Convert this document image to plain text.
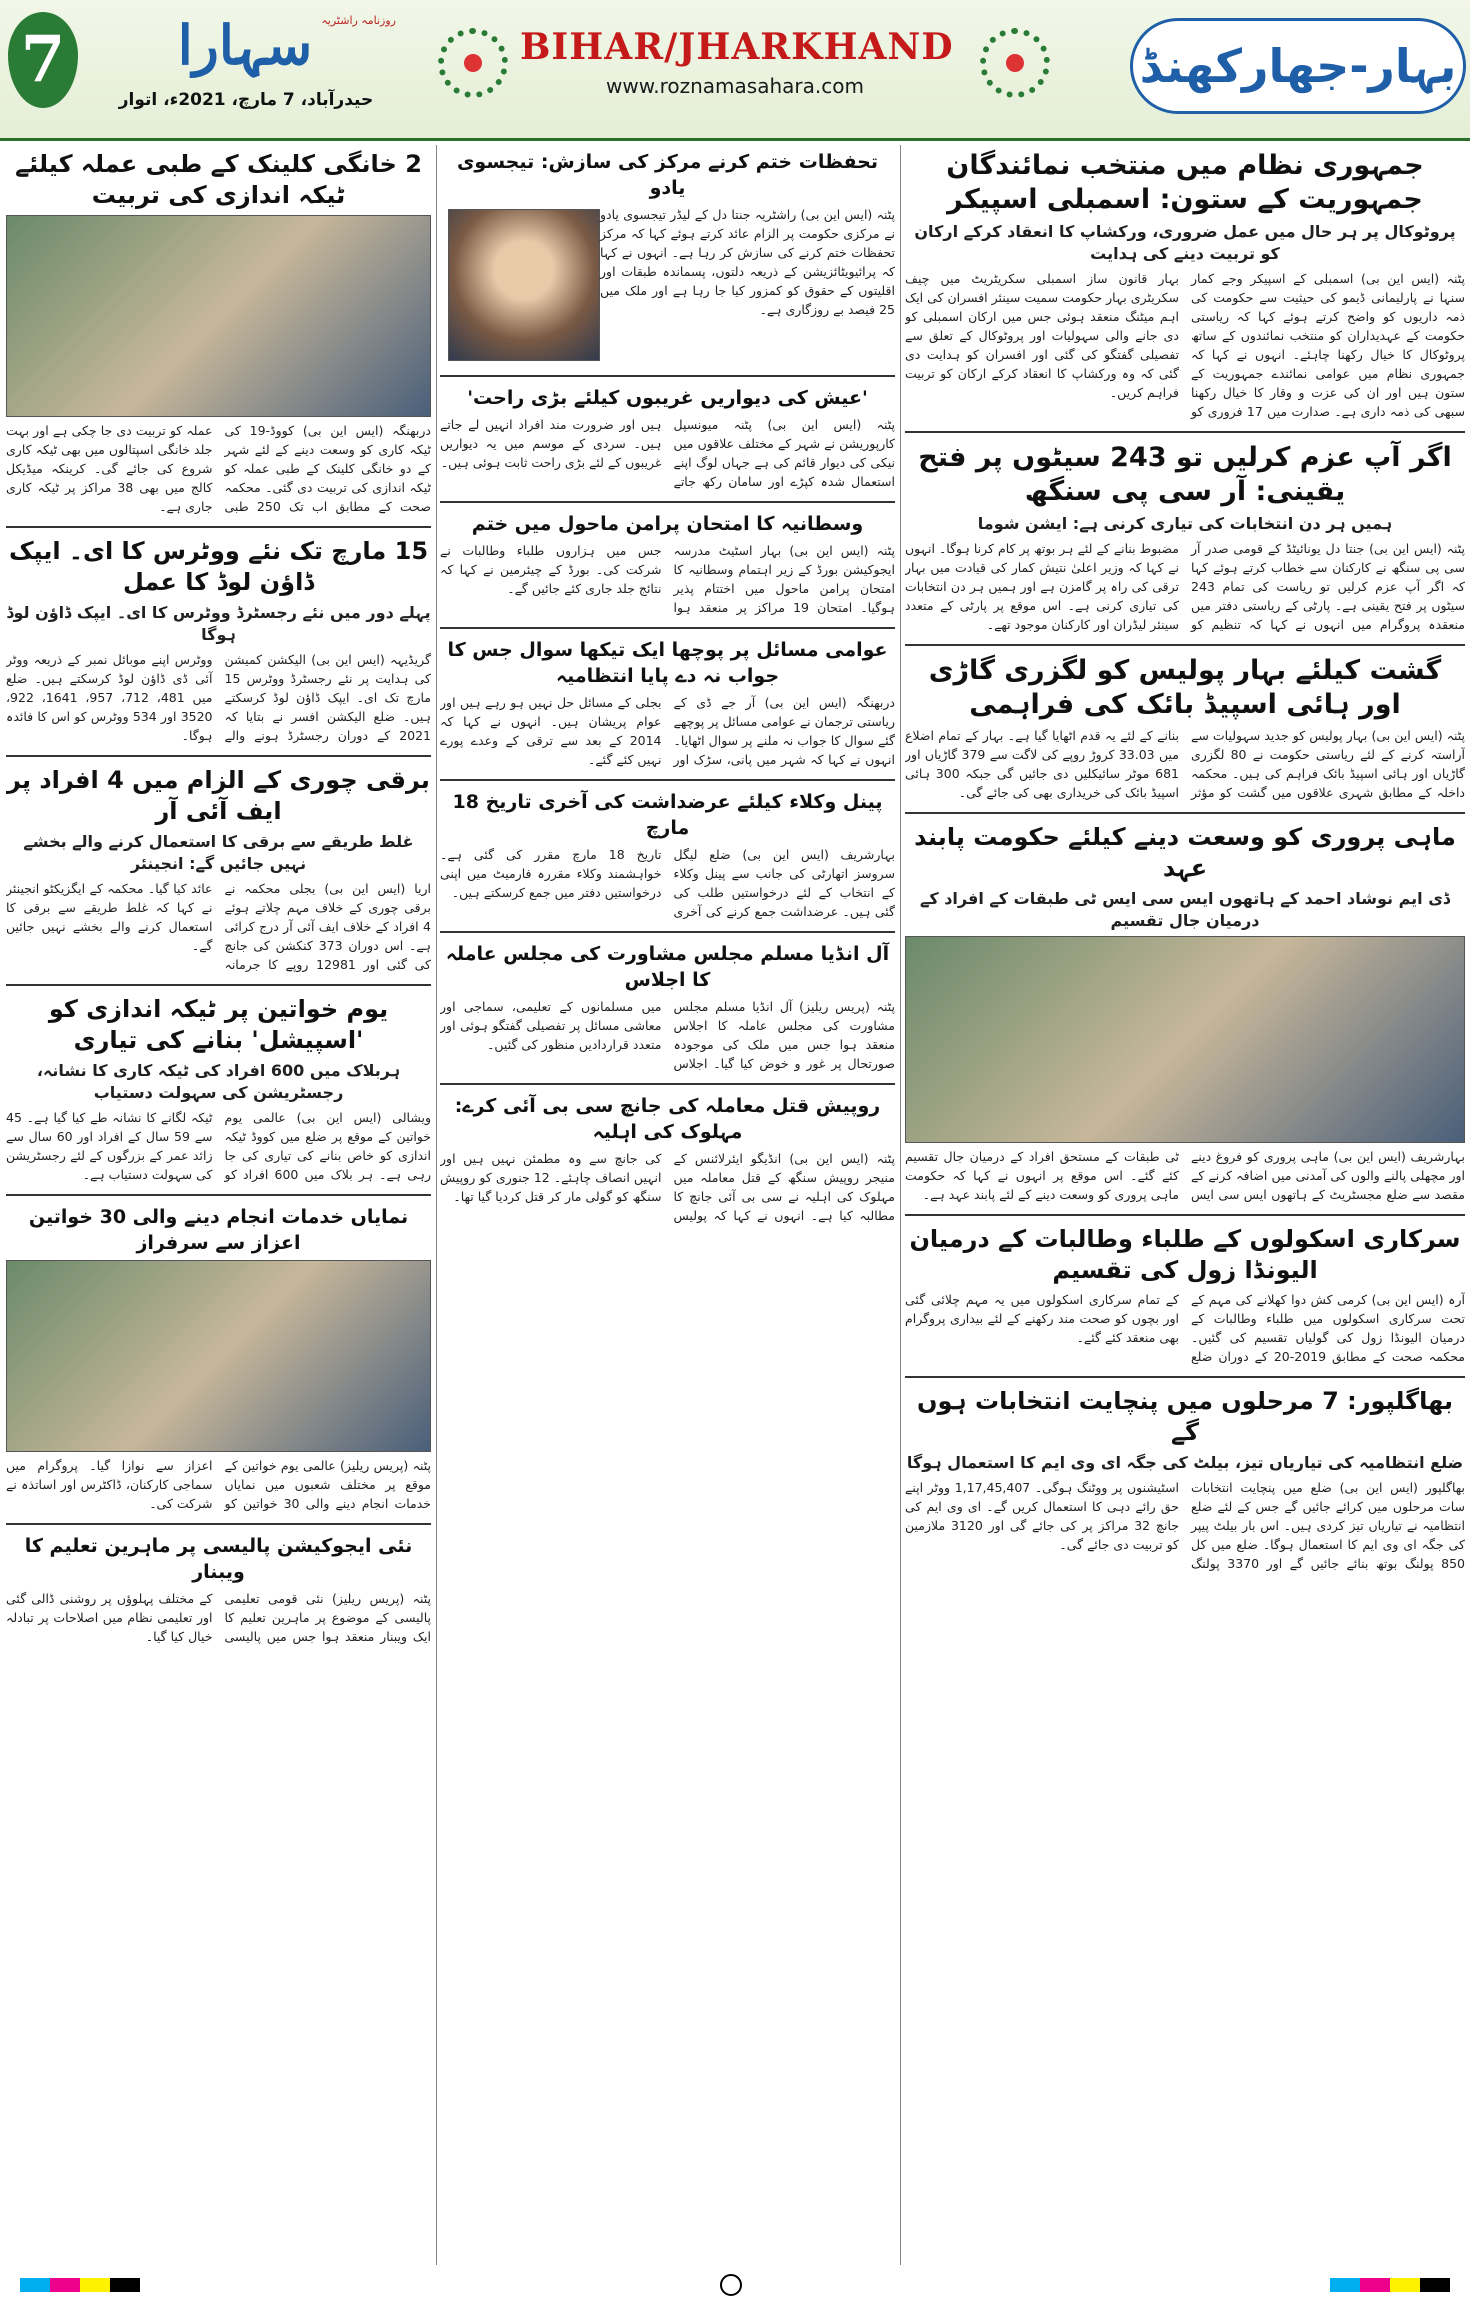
7	سہارا روزنامہ راشٹریہ
حیدرآباد، 7 مارچ، 2021ء، اتوار
BIHAR/JHARKHAND
www.roznamasahara.com	بہار-جھارکھنڈ
جمہوری نظام میں منتخب نمائندگان جمہوریت کے ستون: اسمبلی اسپیکر
پروٹوکال پر ہر حال میں عمل ضروری، ورکشاپ کا انعقاد کرکے ارکان کو تربیت دینے کی ہدایت
پٹنہ (ایس این بی) اسمبلی کے اسپیکر وجے کمار سنہا نے پارلیمانی ڈیمو کی حیثیت سے حکومت کی ذمہ داریوں کو واضح کرتے ہوئے کہا کہ ریاستی حکومت کے عہدیداران کو منتخب نمائندوں کے ساتھ پروٹوکال کا خیال رکھنا چاہئے۔ انہوں نے کہا کہ جمہوری نظام میں عوامی نمائندے جمہوریت کے ستون ہیں اور ان کی عزت و وقار کا خیال رکھنا سبھی کی ذمہ داری ہے۔ صدارت میں 17 فروری کو بہار قانون ساز اسمبلی سکریٹریٹ میں چیف سکریٹری بہار حکومت سمیت سینئر افسران کی ایک اہم میٹنگ منعقد ہوئی جس میں ارکان اسمبلی کو دی جانے والی سہولیات اور پروٹوکال کے تعلق سے تفصیلی گفتگو کی گئی اور افسران کو ہدایت دی گئی کہ وہ ورکشاپ کا انعقاد کرکے ارکان کو تربیت فراہم کریں۔
اگر آپ عزم کرلیں تو 243 سیٹوں پر فتح یقینی: آر سی پی سنگھ
ہمیں ہر دن انتخابات کی تیاری کرنی ہے: ایشن شوما
پٹنہ (ایس این بی) جنتا دل یونائیٹڈ کے قومی صدر آر سی پی سنگھ نے کارکنان سے خطاب کرتے ہوئے کہا کہ اگر آپ عزم کرلیں تو ریاست کی تمام 243 سیٹوں پر فتح یقینی ہے۔ پارٹی کے ریاستی دفتر میں منعقدہ پروگرام میں انہوں نے کہا کہ تنظیم کو مضبوط بنانے کے لئے ہر بوتھ پر کام کرنا ہوگا۔ انہوں نے کہا کہ وزیر اعلیٰ نتیش کمار کی قیادت میں بہار ترقی کی راہ پر گامزن ہے اور ہمیں ہر دن انتخابات کی تیاری کرنی ہے۔ اس موقع پر پارٹی کے متعدد سینئر لیڈران اور کارکنان موجود تھے۔
گشت کیلئے بہار پولیس کو لگزری گاڑی اور ہائی اسپیڈ بائک کی فراہمی
پٹنہ (ایس این بی) بہار پولیس کو جدید سہولیات سے آراستہ کرنے کے لئے ریاستی حکومت نے 80 لگزری گاڑیاں اور ہائی اسپیڈ بائک فراہم کی ہیں۔ محکمہ داخلہ کے مطابق شہری علاقوں میں گشت کو مؤثر بنانے کے لئے یہ قدم اٹھایا گیا ہے۔ بہار کے تمام اضلاع میں 33.03 کروڑ روپے کی لاگت سے 379 گاڑیاں اور 681 موٹر سائیکلیں دی جائیں گی جبکہ 300 ہائی اسپیڈ بائک کی خریداری بھی کی جائے گی۔
ماہی پروری کو وسعت دینے کیلئے حکومت پابند عہد
ڈی ایم نوشاد احمد کے ہاتھوں ایس سی ایس ٹی طبقات کے افراد کے درمیان جال تقسیم
بہارشریف (ایس این بی) ماہی پروری کو فروغ دینے اور مچھلی پالنے والوں کی آمدنی میں اضافہ کرنے کے مقصد سے ضلع مجسٹریٹ کے ہاتھوں ایس سی ایس ٹی طبقات کے مستحق افراد کے درمیان جال تقسیم کئے گئے۔ اس موقع پر انہوں نے کہا کہ حکومت ماہی پروری کو وسعت دینے کے لئے پابند عہد ہے۔
سرکاری اسکولوں کے طلباء وطالبات کے درمیان الیونڈا زول کی تقسیم
آرہ (ایس این بی) کرمی کش دوا کھلانے کی مہم کے تحت سرکاری اسکولوں میں طلباء وطالبات کے درمیان الیونڈا زول کی گولیاں تقسیم کی گئیں۔ محکمہ صحت کے مطابق 2019-20 کے دوران ضلع کے تمام سرکاری اسکولوں میں یہ مہم چلائی گئی اور بچوں کو صحت مند رکھنے کے لئے بیداری پروگرام بھی منعقد کئے گئے۔
بھاگلپور: 7 مرحلوں میں پنچایت انتخابات ہوں گے
ضلع انتظامیہ کی تیاریاں تیز، بیلٹ کی جگہ ای وی ایم کا استعمال ہوگا
بھاگلپور (ایس این بی) ضلع میں پنچایت انتخابات سات مرحلوں میں کرائے جائیں گے جس کے لئے ضلع انتظامیہ نے تیاریاں تیز کردی ہیں۔ اس بار بیلٹ پیپر کی جگہ ای وی ایم کا استعمال ہوگا۔ ضلع میں کل 850 پولنگ بوتھ بنائے جائیں گے اور 3370 پولنگ اسٹیشنوں پر ووٹنگ ہوگی۔ 1,17,45,407 ووٹر اپنے حق رائے دہی کا استعمال کریں گے۔ ای وی ایم کی جانچ 32 مراکز پر کی جائے گی اور 3120 ملازمین کو تربیت دی جائے گی۔
تحفظات ختم کرنے مرکز کی سازش: تیجسوی یادو
پٹنہ (ایس این بی) راشٹریہ جنتا دل کے لیڈر تیجسوی یادو نے مرکزی حکومت پر الزام عائد کرتے ہوئے کہا کہ مرکز تحفظات ختم کرنے کی سازش کر رہا ہے۔ انہوں نے کہا کہ پرائیویٹائزیشن کے ذریعہ دلتوں، پسماندہ طبقات اور اقلیتوں کے حقوق کو کمزور کیا جا رہا ہے اور ملک میں 25 فیصد بے روزگاری ہے۔
'عیش کی دیواریں غریبوں کیلئے بڑی راحت'
پٹنہ (ایس این بی) پٹنہ میونسپل کارپوریشن نے شہر کے مختلف علاقوں میں نیکی کی دیوار قائم کی ہے جہاں لوگ اپنے استعمال شدہ کپڑے اور سامان رکھ جاتے ہیں اور ضرورت مند افراد انہیں لے جاتے ہیں۔ سردی کے موسم میں یہ دیواریں غریبوں کے لئے بڑی راحت ثابت ہوئی ہیں۔
وسطانیہ کا امتحان پرامن ماحول میں ختم
پٹنہ (ایس این بی) بہار اسٹیٹ مدرسہ ایجوکیشن بورڈ کے زیر اہتمام وسطانیہ کا امتحان پرامن ماحول میں اختتام پذیر ہوگیا۔ امتحان 19 مراکز پر منعقد ہوا جس میں ہزاروں طلباء وطالبات نے شرکت کی۔ بورڈ کے چیئرمین نے کہا کہ نتائج جلد جاری کئے جائیں گے۔
عوامی مسائل پر پوچھا ایک تیکھا سوال جس کا جواب نہ دے پایا انتظامیہ
دربھنگہ (ایس این بی) آر جے ڈی کے ریاستی ترجمان نے عوامی مسائل پر پوچھے گئے سوال کا جواب نہ ملنے پر سوال اٹھایا۔ انہوں نے کہا کہ شہر میں پانی، سڑک اور بجلی کے مسائل حل نہیں ہو رہے ہیں اور عوام پریشان ہیں۔ انہوں نے کہا کہ 2014 کے بعد سے ترقی کے وعدے پورے نہیں کئے گئے۔
پینل وکلاء کیلئے عرضداشت کی آخری تاریخ 18 مارچ
بہارشریف (ایس این بی) ضلع لیگل سروسز اتھارٹی کی جانب سے پینل وکلاء کے انتخاب کے لئے درخواستیں طلب کی گئی ہیں۔ عرضداشت جمع کرنے کی آخری تاریخ 18 مارچ مقرر کی گئی ہے۔ خواہشمند وکلاء مقررہ فارمیٹ میں اپنی درخواستیں دفتر میں جمع کرسکتے ہیں۔
آل انڈیا مسلم مجلس مشاورت کی مجلس عاملہ کا اجلاس
پٹنہ (پریس ریلیز) آل انڈیا مسلم مجلس مشاورت کی مجلس عاملہ کا اجلاس منعقد ہوا جس میں ملک کی موجودہ صورتحال پر غور و خوض کیا گیا۔ اجلاس میں مسلمانوں کے تعلیمی، سماجی اور معاشی مسائل پر تفصیلی گفتگو ہوئی اور متعدد قراردادیں منظور کی گئیں۔
روپیش قتل معاملہ کی جانچ سی بی آئی کرے: مہلوک کی اہلیہ
پٹنہ (ایس این بی) انڈیگو ایئرلائنس کے منیجر روپیش سنگھ کے قتل معاملہ میں مہلوک کی اہلیہ نے سی بی آئی جانچ کا مطالبہ کیا ہے۔ انہوں نے کہا کہ پولیس کی جانچ سے وہ مطمئن نہیں ہیں اور انہیں انصاف چاہئے۔ 12 جنوری کو روپیش سنگھ کو گولی مار کر قتل کردیا گیا تھا۔
2 خانگی کلینک کے طبی عملہ کیلئے ٹیکہ اندازی کی تربیت
دربھنگہ (ایس این بی) کووڈ-19 کی ٹیکہ کاری کو وسعت دینے کے لئے شہر کے دو خانگی کلینک کے طبی عملہ کو ٹیکہ اندازی کی تربیت دی گئی۔ محکمہ صحت کے مطابق اب تک 250 طبی عملہ کو تربیت دی جا چکی ہے اور بہت جلد خانگی اسپتالوں میں بھی ٹیکہ کاری شروع کی جائے گی۔ کرینکہ میڈیکل کالج میں بھی 38 مراکز پر ٹیکہ کاری جاری ہے۔
15 مارچ تک نئے ووٹرس کا ای۔ ایپک ڈاؤن لوڈ کا عمل
پہلے دور میں نئے رجسٹرڈ ووٹرس کا ای۔ ایپک ڈاؤن لوڈ ہوگا
گریڈیہہ (ایس این بی) الیکشن کمیشن کی ہدایت پر نئے رجسٹرڈ ووٹرس 15 مارچ تک ای۔ ایپک ڈاؤن لوڈ کرسکتے ہیں۔ ضلع الیکشن افسر نے بتایا کہ 2021 کے دوران رجسٹرڈ ہونے والے ووٹرس اپنے موبائل نمبر کے ذریعہ ووٹر آئی ڈی ڈاؤن لوڈ کرسکتے ہیں۔ ضلع میں 481، 712، 957، 1641، 922، 3520 اور 534 ووٹرس کو اس کا فائدہ ہوگا۔
برقی چوری کے الزام میں 4 افراد پر ایف آئی آر
غلط طریقے سے برقی کا استعمال کرنے والے بخشے نہیں جائیں گے: انجینئر
اریا (ایس این بی) بجلی محکمہ نے برقی چوری کے خلاف مہم چلاتے ہوئے 4 افراد کے خلاف ایف آئی آر درج کرائی ہے۔ اس دوران 373 کنکشن کی جانچ کی گئی اور 12981 روپے کا جرمانہ عائد کیا گیا۔ محکمہ کے ایگزیکٹو انجینئر نے کہا کہ غلط طریقے سے برقی کا استعمال کرنے والے بخشے نہیں جائیں گے۔
یوم خواتین پر ٹیکہ اندازی کو 'اسپیشل' بنانے کی تیاری
ہربلاک میں 600 افراد کی ٹیکہ کاری کا نشانہ، رجسٹریشن کی سہولت دستیاب
ویشالی (ایس این بی) عالمی یوم خواتین کے موقع پر ضلع میں کووڈ ٹیکہ اندازی کو خاص بنانے کی تیاری کی جا رہی ہے۔ ہر بلاک میں 600 افراد کو ٹیکہ لگانے کا نشانہ طے کیا گیا ہے۔ 45 سے 59 سال کے افراد اور 60 سال سے زائد عمر کے بزرگوں کے لئے رجسٹریشن کی سہولت دستیاب ہے۔
نمایاں خدمات انجام دینے والی 30 خواتین اعزاز سے سرفراز
پٹنہ (پریس ریلیز) عالمی یوم خواتین کے موقع پر مختلف شعبوں میں نمایاں خدمات انجام دینے والی 30 خواتین کو اعزاز سے نوازا گیا۔ پروگرام میں سماجی کارکنان، ڈاکٹرس اور اساتذہ نے شرکت کی۔
نئی ایجوکیشن پالیسی پر ماہرین تعلیم کا ویبنار
پٹنہ (پریس ریلیز) نئی قومی تعلیمی پالیسی کے موضوع پر ماہرین تعلیم کا ایک ویبنار منعقد ہوا جس میں پالیسی کے مختلف پہلوؤں پر روشنی ڈالی گئی اور تعلیمی نظام میں اصلاحات پر تبادلہ خیال کیا گیا۔
